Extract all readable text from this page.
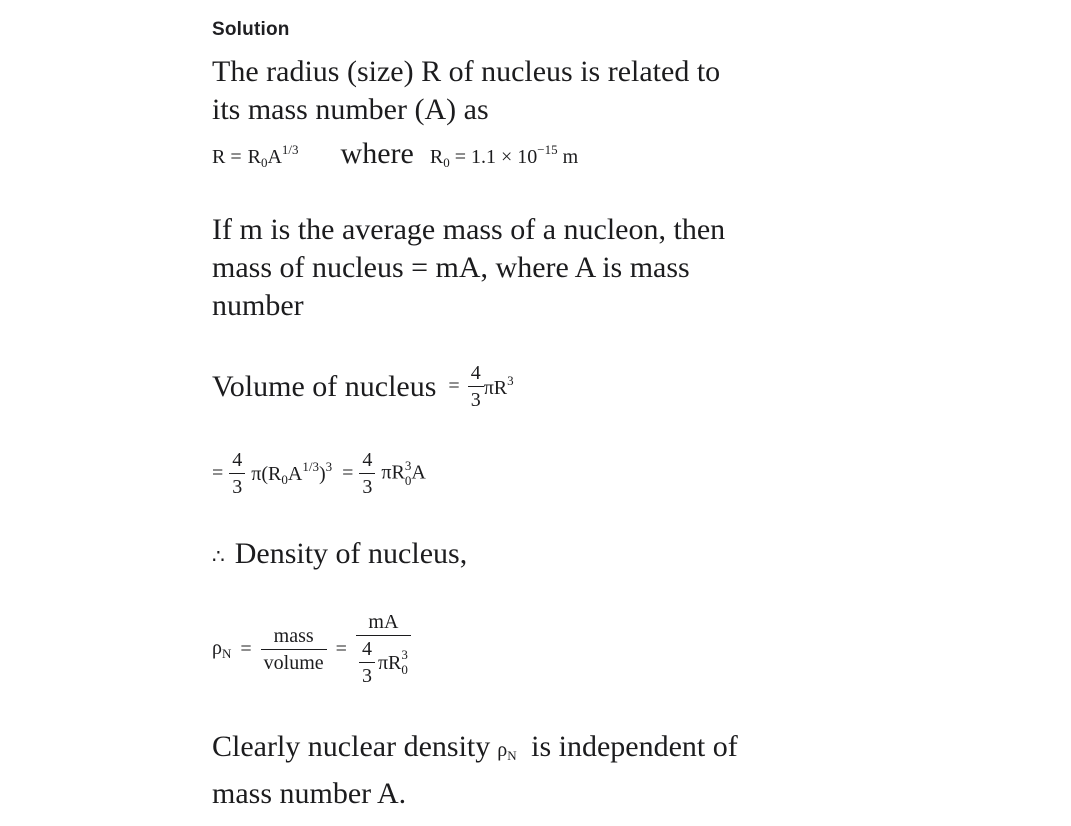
Solution
The radius (size) R of nucleus is related to
its mass number (A) as
$R = R_0A^{1/3}$ where $R_0 = 1.1 \times 10^{-15}$ m
If m is the average mass of a nucleon, then
mass of nucleus = mA, where A is mass
number
Volume of nucleus = $\frac{4}{3} \pi R^3$
= $\frac{4}{3} \pi(R_0A^{1/3})^3 = \frac{4}{3}$ πR 3
0 A
∴ Density of nucleus,
$\rho_N = \frac{\text{mass}}{\text{volume}}$ = mA
$\frac{4}{3}$ πR 3
0
Clearly nuclear density $\rho_N$ is independent of
mass number A.
